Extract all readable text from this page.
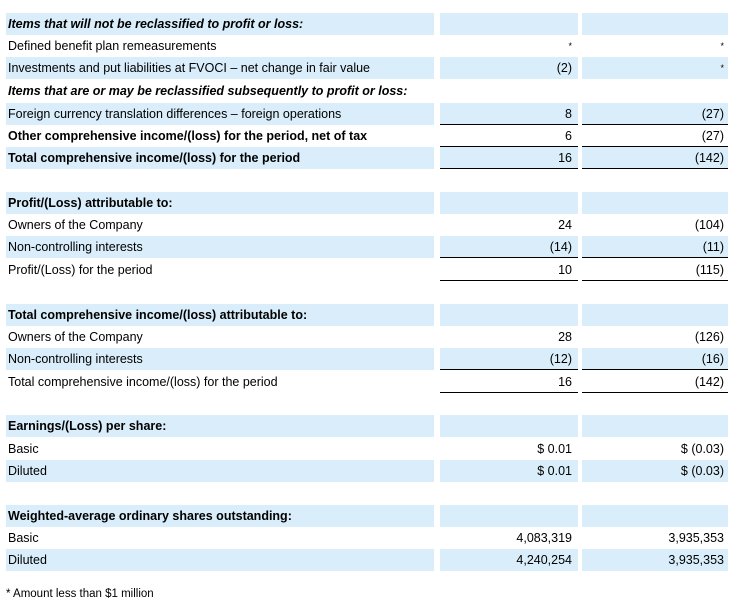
Items that will not be reclassified to profit or loss:
Defined benefit plan remeasurements	*	*
Investments and put liabilities at FVOCI – net change in fair value	(2)	*
Items that are or may be reclassified subsequently to profit or loss:
Foreign currency translation differences – foreign operations	8	(27)
Other comprehensive income/(loss) for the period, net of tax	6	(27)
Total comprehensive income/(loss) for the period	16	(142)
Profit/(Loss) attributable to:
Owners of the Company	24	(104)
Non-controlling interests	(14)	(11)
Profit/(Loss) for the period	10	(115)
Total comprehensive income/(loss) attributable to:
Owners of the Company	28	(126)
Non-controlling interests	(12)	(16)
Total comprehensive income/(loss) for the period	16	(142)
Earnings/(Loss) per share:
Basic	$ 0.01	$ (0.03)
Diluted	$ 0.01	$ (0.03)
Weighted-average ordinary shares outstanding:
Basic	4,083,319	3,935,353
Diluted	4,240,254	3,935,353
* Amount less than $1 million
